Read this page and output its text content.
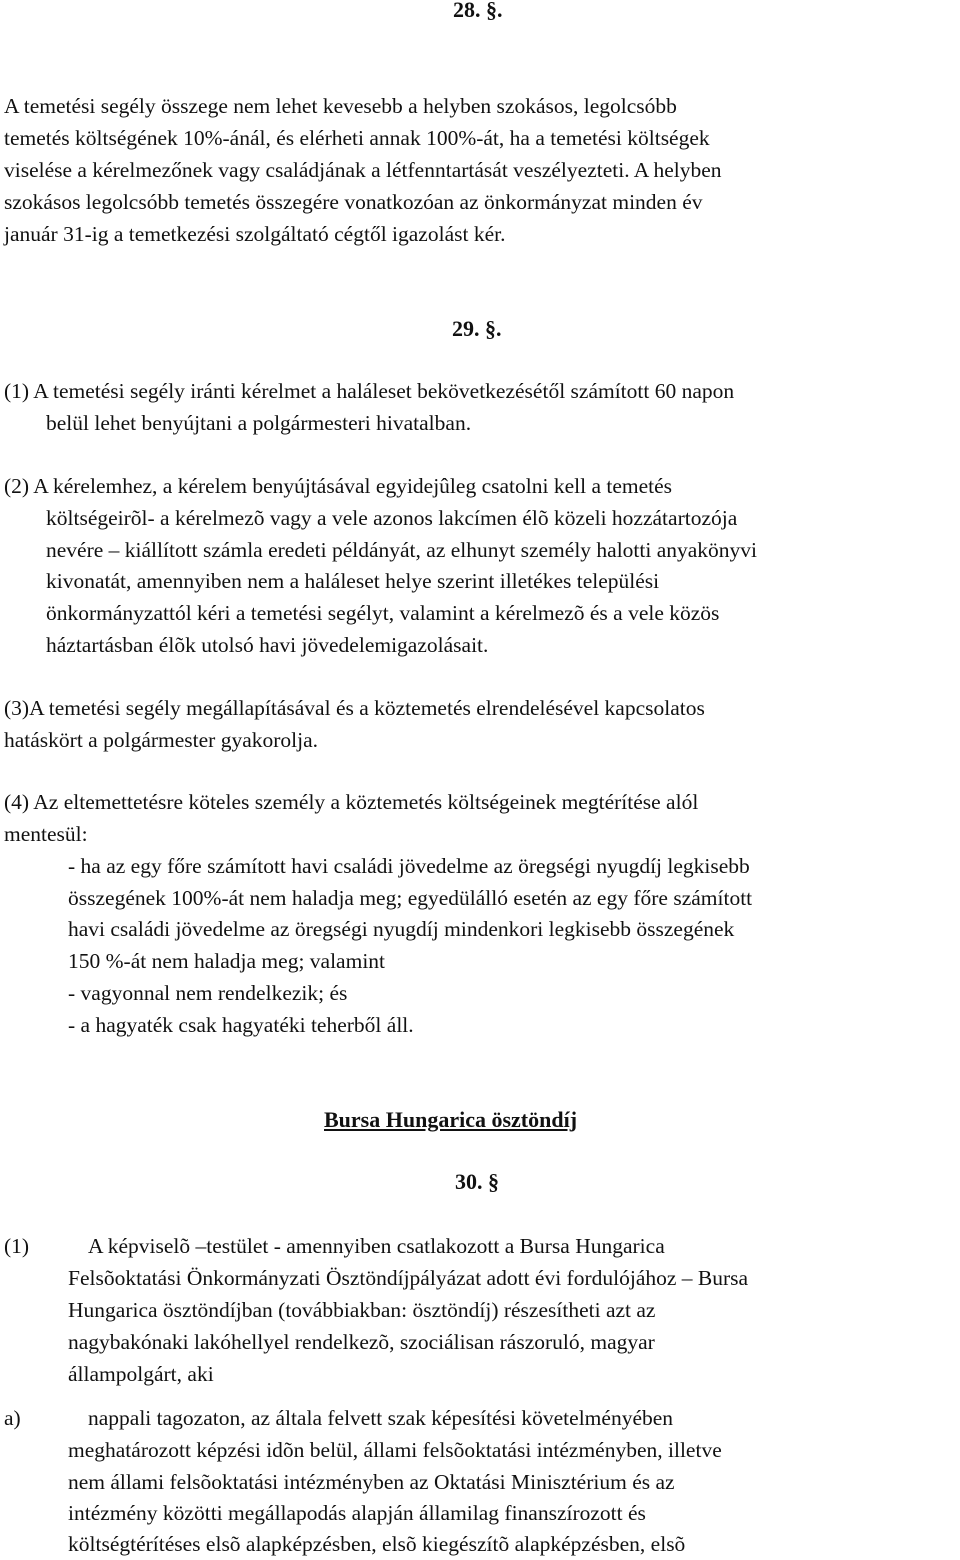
28. §.
A temetési segély összege nem lehet kevesebb a helyben szokásos, legolcsóbb
temetés költségének 10%-ánál, és elérheti annak 100%-át, ha a temetési költségek
viselése a kérelmezőnek vagy családjának a létfenntartását veszélyezteti. A helyben
szokásos legolcsóbb temetés összegére vonatkozóan az önkormányzat minden év
január 31-ig a temetkezési szolgáltató cégtől igazolást kér.
29. §.
(1) A temetési segély iránti kérelmet a haláleset bekövetkezésétől számított 60 napon
belül lehet benyújtani a polgármesteri hivatalban.
(2) A kérelemhez, a kérelem benyújtásával egyidejûleg csatolni kell a temetés
költségeirõl- a kérelmezõ vagy a vele azonos lakcímen élõ közeli hozzátartozója
nevére – kiállított számla eredeti példányát, az elhunyt személy halotti anyakönyvi
kivonatát, amennyiben nem a haláleset helye szerint illetékes települési
önkormányzattól kéri a temetési segélyt, valamint a kérelmezõ és a vele közös
háztartásban élõk utolsó havi jövedelemigazolásait.
(3)A temetési segély megállapításával és a köztemetés elrendelésével kapcsolatos
hatáskört a polgármester gyakorolja.
(4) Az eltemettetésre köteles személy a köztemetés költségeinek megtérítése alól
mentesül:
- ha az egy főre számított havi családi jövedelme az öregségi nyugdíj legkisebb
összegének 100%-át nem haladja meg; egyedülálló esetén az egy főre számított
havi családi jövedelme az öregségi nyugdíj mindenkori legkisebb összegének
150 %-át nem haladja meg; valamint
- vagyonnal nem rendelkezik; és
- a hagyaték csak hagyatéki teherből áll.
Bursa Hungarica ösztöndíj
30. §
(1)	A képviselõ –testület - amennyiben csatlakozott a Bursa Hungarica
Felsõoktatási Önkormányzati Ösztöndíjpályázat adott évi fordulójához – Bursa
Hungarica ösztöndíjban (továbbiakban: ösztöndíj) részesítheti azt az
nagybakónaki lakóhellyel rendelkezõ, szociálisan rászoruló, magyar
állampolgárt, aki
a)	nappali tagozaton, az általa felvett szak képesítési követelményében
meghatározott képzési idõn belül, állami felsõoktatási intézményben, illetve
nem állami felsõoktatási intézményben az Oktatási Minisztérium és az
intézmény közötti megállapodás alapján államilag finanszírozott és
költségtérítéses elsõ alapképzésben, elsõ kiegészítõ alapképzésben, elsõ
